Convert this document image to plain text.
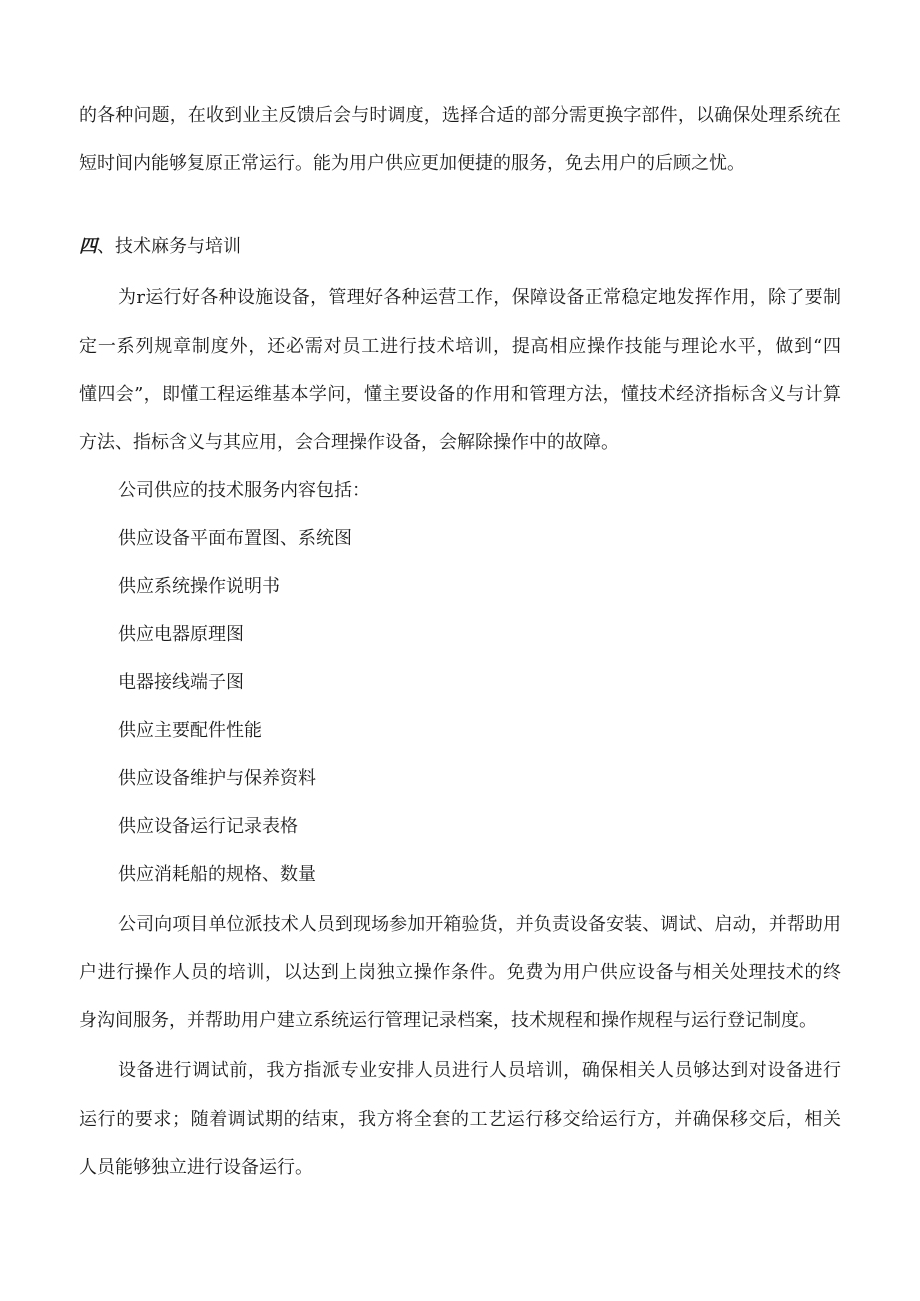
的各种问题，在收到业主反馈后会与时调度，选择合适的部分需更换字部件，以确保处理系统在
短时间内能够复原正常运行。能为用户供应更加便捷的服务，免去用户的后顾之忧。
四、技术麻务与培训
为r运行好各种设施设备，管理好各种运营工作，保障设备正常稳定地发挥作用，除了要制
定一系列规章制度外，还必需对员工进行技术培训，提高相应操作技能与理论水平，做到“四
懂四会”，即懂工程运维基本学问，懂主要设备的作用和管理方法，懂技术经济指标含义与计算
方法、指标含义与其应用，会合理操作设备，会解除操作中的故障。
公司供应的技术服务内容包括：
供应设备平面布置图、系统图
供应系统操作说明书
供应电器原理图
电器接线端子图
供应主要配件性能
供应设备维护与保养资料
供应设备运行记录表格
供应消耗船的规格、数量
公司向项目单位派技术人员到现场参加开箱验货，并负责设备安装、调试、启动，并帮助用
户进行操作人员的培训，以达到上岗独立操作条件。免费为用户供应设备与相关处理技术的终
身沟间服务，并帮助用户建立系统运行管理记录档案，技术规程和操作规程与运行登记制度。
设备进行调试前，我方指派专业安排人员进行人员培训，确保相关人员够达到对设备进行
运行的要求；随着调试期的结束，我方将全套的工艺运行移交给运行方，并确保移交后，相关
人员能够独立进行设备运行。
